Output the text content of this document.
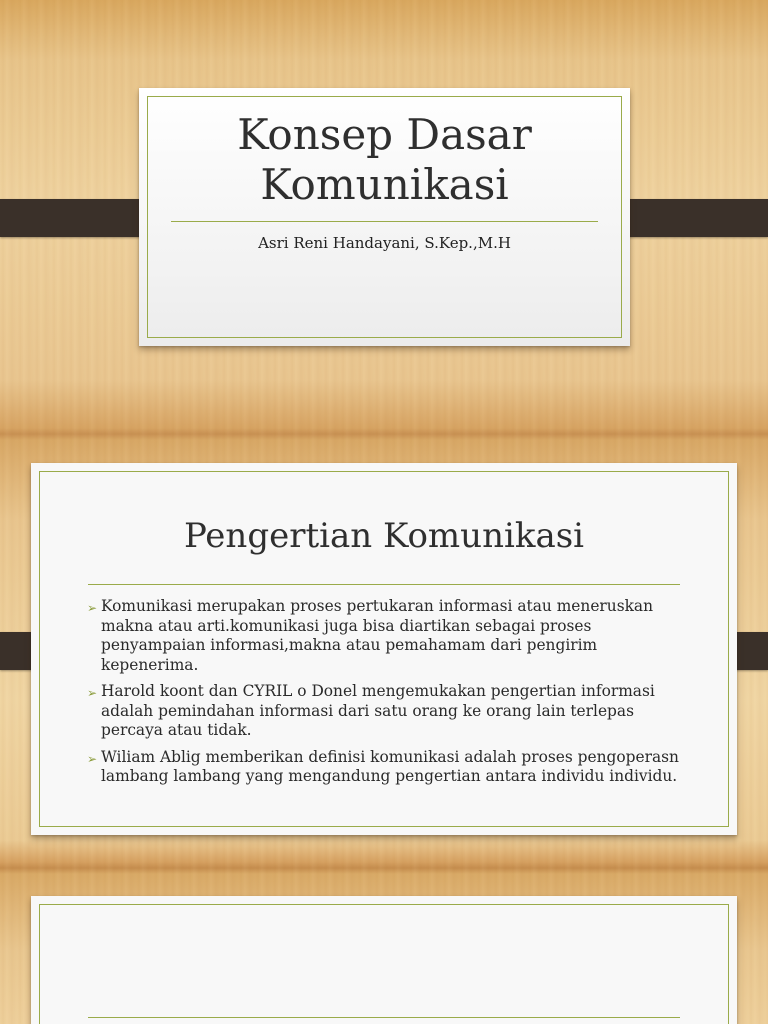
Konsep Dasar
Komunikasi
Asri Reni Handayani, S.Kep.,M.H
Pengertian Komunikasi
➢ Komunikasi merupakan proses pertukaran informasi atau meneruskan makna atau arti.komunikasi juga bisa diartikan sebagai proses penyampaian informasi,makna atau pemahamam dari pengirim kepenerima.
➢ Harold koont dan CYRIL o Donel mengemukakan pengertian informasi adalah pemindahan informasi dari satu orang ke orang lain terlepas percaya atau tidak.
➢ Wiliam Ablig memberikan definisi komunikasi adalah proses pengoperasn lambang lambang yang mengandung pengertian antara individu individu.
